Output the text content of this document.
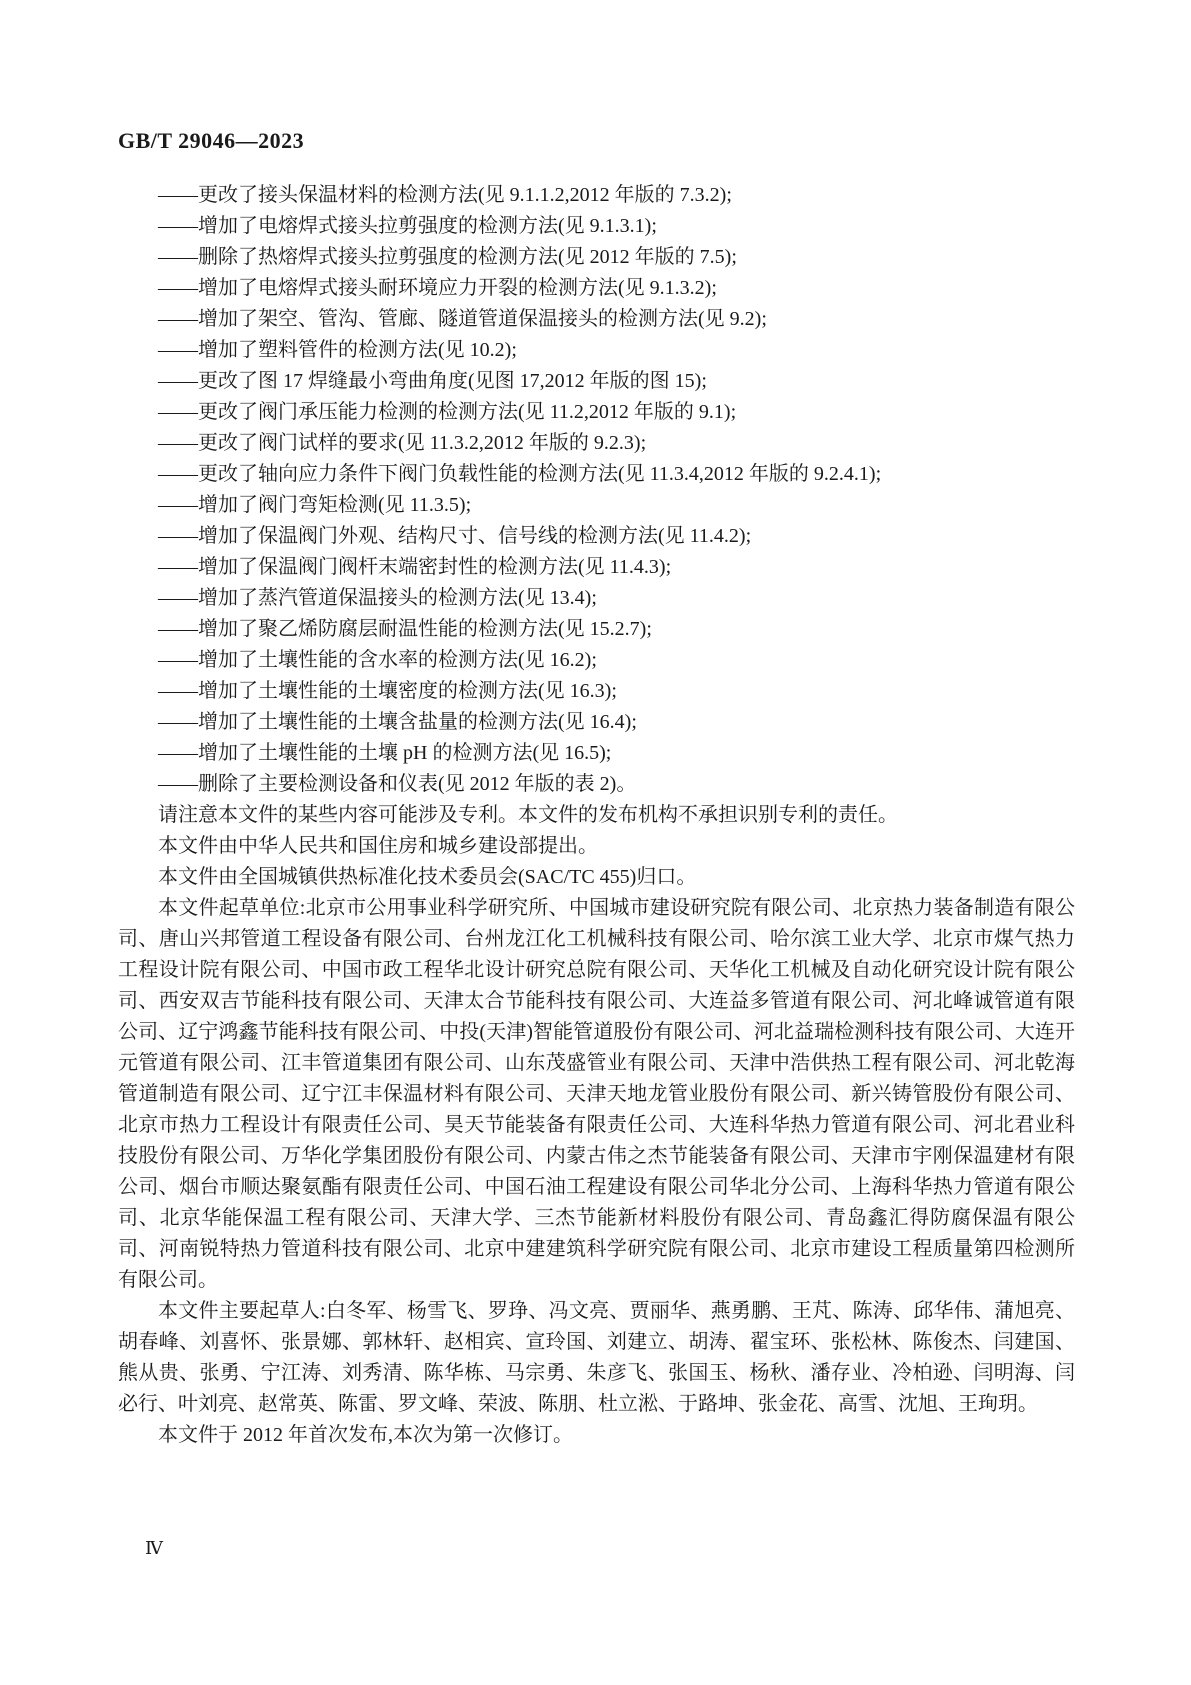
GB/T 29046—2023

——更改了接头保温材料的检测方法(见 9.1.1.2,2012 年版的 7.3.2);

——增加了电熔焊式接头拉剪强度的检测方法(见 9.1.3.1);

——删除了热熔焊式接头拉剪强度的检测方法(见 2012 年版的 7.5);

——增加了电熔焊式接头耐环境应力开裂的检测方法(见 9.1.3.2);

——增加了架空、管沟、管廊、隧道管道保温接头的检测方法(见 9.2);

——增加了塑料管件的检测方法(见 10.2);

——更改了图 17 焊缝最小弯曲角度(见图 17,2012 年版的图 15);

——更改了阀门承压能力检测的检测方法(见 11.2,2012 年版的 9.1);

——更改了阀门试样的要求(见 11.3.2,2012 年版的 9.2.3);

——更改了轴向应力条件下阀门负载性能的检测方法(见 11.3.4,2012 年版的 9.2.4.1);

——增加了阀门弯矩检测(见 11.3.5);

——增加了保温阀门外观、结构尺寸、信号线的检测方法(见 11.4.2);

——增加了保温阀门阀杆末端密封性的检测方法(见 11.4.3);

——增加了蒸汽管道保温接头的检测方法(见 13.4);

——增加了聚乙烯防腐层耐温性能的检测方法(见 15.2.7);

——增加了土壤性能的含水率的检测方法(见 16.2);

——增加了土壤性能的土壤密度的检测方法(见 16.3);

——增加了土壤性能的土壤含盐量的检测方法(见 16.4);

——增加了土壤性能的土壤 pH 的检测方法(见 16.5);

——删除了主要检测设备和仪表(见 2012 年版的表 2)。

请注意本文件的某些内容可能涉及专利。本文件的发布机构不承担识别专利的责任。

本文件由中华人民共和国住房和城乡建设部提出。

本文件由全国城镇供热标准化技术委员会(SAC/TC 455)归口。

本文件起草单位:北京市公用事业科学研究所、中国城市建设研究院有限公司、北京热力装备制造有限公司、唐山兴邦管道工程设备有限公司、台州龙江化工机械科技有限公司、哈尔滨工业大学、北京市煤气热力工程设计院有限公司、中国市政工程华北设计研究总院有限公司、天华化工机械及自动化研究设计院有限公司、西安双吉节能科技有限公司、天津太合节能科技有限公司、大连益多管道有限公司、河北峰诚管道有限公司、辽宁鸿鑫节能科技有限公司、中投(天津)智能管道股份有限公司、河北益瑞检测科技有限公司、大连开元管道有限公司、江丰管道集团有限公司、山东茂盛管业有限公司、天津中浩供热工程有限公司、河北乾海管道制造有限公司、辽宁江丰保温材料有限公司、天津天地龙管业股份有限公司、新兴铸管股份有限公司、北京市热力工程设计有限责任公司、昊天节能装备有限责任公司、大连科华热力管道有限公司、河北君业科技股份有限公司、万华化学集团股份有限公司、内蒙古伟之杰节能装备有限公司、天津市宇刚保温建材有限公司、烟台市顺达聚氨酯有限责任公司、中国石油工程建设有限公司华北分公司、上海科华热力管道有限公司、北京华能保温工程有限公司、天津大学、三杰节能新材料股份有限公司、青岛鑫汇得防腐保温有限公司、河南锐特热力管道科技有限公司、北京中建建筑科学研究院有限公司、北京市建设工程质量第四检测所有限公司。

本文件主要起草人:白冬军、杨雪飞、罗琤、冯文亮、贾丽华、燕勇鹏、王芃、陈涛、邱华伟、蒲旭亮、胡春峰、刘喜怀、张景娜、郭林轩、赵相宾、宣玲国、刘建立、胡涛、翟宝环、张松林、陈俊杰、闫建国、熊从贵、张勇、宁江涛、刘秀清、陈华栋、马宗勇、朱彦飞、张国玉、杨秋、潘存业、冷柏逊、闫明海、闫必行、叶刘亮、赵常英、陈雷、罗文峰、荣波、陈朋、杜立淞、于路坤、张金花、高雪、沈旭、王珣玥。

本文件于 2012 年首次发布,本次为第一次修订。

Ⅳ
